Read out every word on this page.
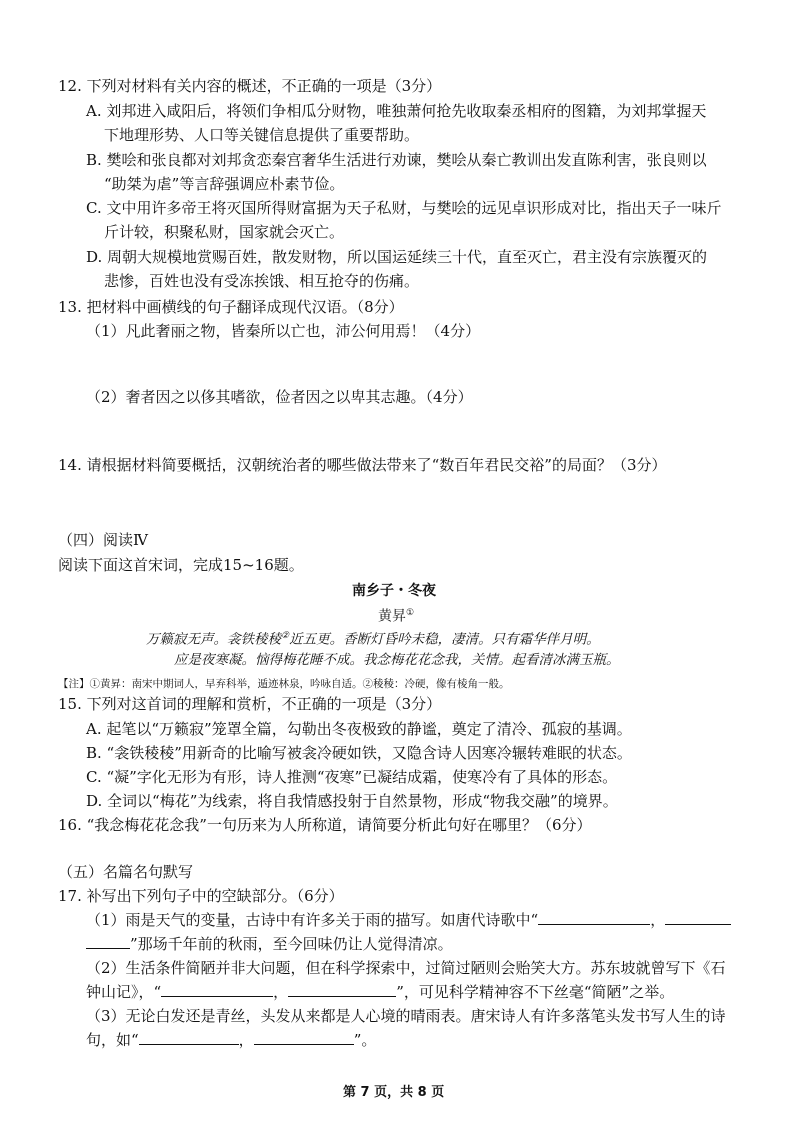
12. 下列对材料有关内容的概述，不正确的一项是（3分）
A. 刘邦进入咸阳后，将领们争相瓜分财物，唯独萧何抢先收取秦丞相府的图籍，为刘邦掌握天
下地理形势、人口等关键信息提供了重要帮助。
B. 樊哙和张良都对刘邦贪恋秦宫奢华生活进行劝谏，樊哙从秦亡教训出发直陈利害，张良则以
“助桀为虐”等言辞强调应朴素节俭。
C. 文中用许多帝王将灭国所得财富据为天子私财，与樊哙的远见卓识形成对比，指出天子一味斤
斤计较，积聚私财，国家就会灭亡。
D. 周朝大规模地赏赐百姓，散发财物，所以国运延续三十代，直至灭亡，君主没有宗族覆灭的
悲惨，百姓也没有受冻挨饿、相互抢夺的伤痛。
13. 把材料中画横线的句子翻译成现代汉语。（8分）
（1）凡此奢丽之物，皆秦所以亡也，沛公何用焉！（4分）
（2）奢者因之以侈其嗜欲，俭者因之以卑其志趣。（4分）
14. 请根据材料简要概括，汉朝统治者的哪些做法带来了“数百年君民交裕”的局面？（3分）
（四）阅读Ⅳ
阅读下面这首宋词，完成15~16题。
南乡子・冬夜
黄昇①
万籁寂无声。衾铁稜稜②近五更。香断灯昏吟未稳，凄清。只有霜华伴月明。
应是夜寒凝。恼得梅花睡不成。我念梅花花念我，关情。起看清冰满玉瓶。
【注】①黄昇：南宋中期词人，早弃科举，遁迹林泉，吟咏自适。②稜稜：冷硬，像有棱角一般。
15. 下列对这首词的理解和赏析，不正确的一项是（3分）
A. 起笔以“万籁寂”笼罩全篇，勾勒出冬夜极致的静谧，奠定了清冷、孤寂的基调。
B. “衾铁稜稜”用新奇的比喻写被衾冷硬如铁，又隐含诗人因寒冷辗转难眠的状态。
C. “凝”字化无形为有形，诗人推测“夜寒”已凝结成霜，使寒冷有了具体的形态。
D. 全词以“梅花”为线索，将自我情感投射于自然景物，形成“物我交融”的境界。
16. “我念梅花花念我”一句历来为人所称道，请简要分析此句好在哪里？（6分）
（五）名篇名句默写
17. 补写出下列句子中的空缺部分。（6分）
（1）雨是天气的变量，古诗中有许多关于雨的描写。如唐代诗歌中“	，
”那场千年前的秋雨，至今回味仍让人觉得清凉。
（2）生活条件简陋并非大问题，但在科学探索中，过简过陋则会贻笑大方。苏东坡就曾写下《石
钟山记》，“	，	”，可见科学精神容不下丝毫“简陋”之举。
（3）无论白发还是青丝，头发从来都是人心境的晴雨表。唐宋诗人有许多落笔头发书写人生的诗
句，如“	，	”。
第 7 页，共 8 页
